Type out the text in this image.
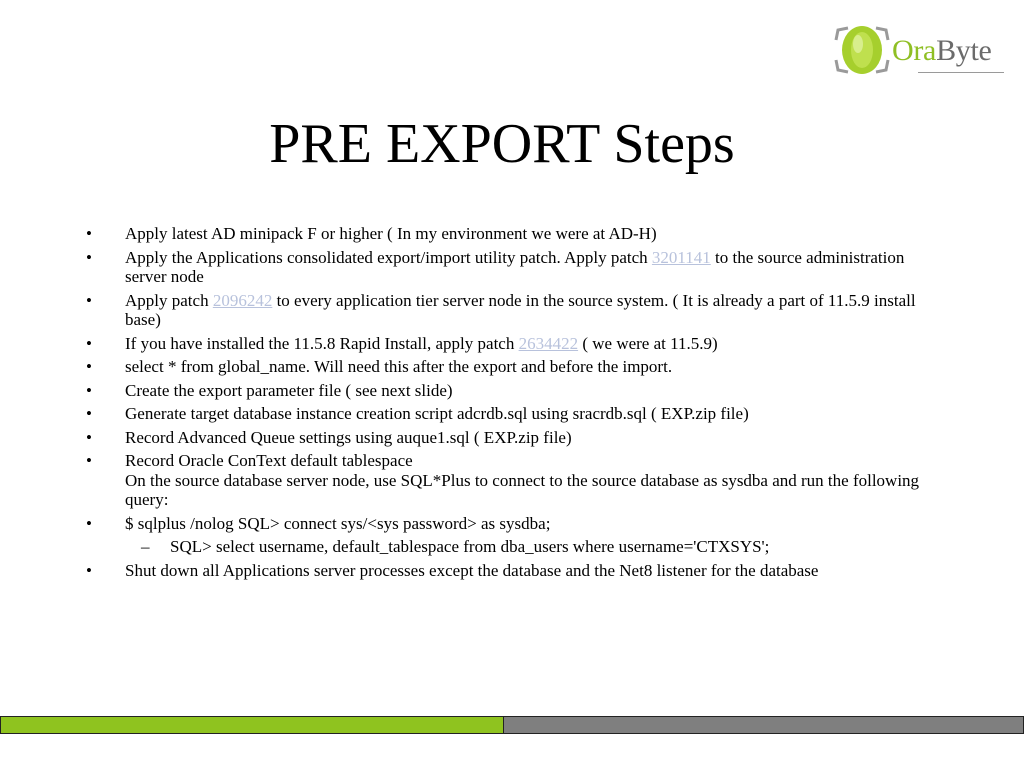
OraByte
PRE EXPORT Steps
• Apply latest AD minipack F or higher ( In my environment we were at AD-H)
• Apply the Applications consolidated export/import utility patch. Apply patch 3201141 to the source administration server node
• Apply patch 2096242 to every application tier server node in the source system. ( It is already a part of 11.5.9 install base)
• If you have installed the 11.5.8 Rapid Install, apply patch 2634422 ( we were at 11.5.9)
• select * from global_name. Will need this after the export and before the import.
• Create the export parameter file ( see next slide)
• Generate target database instance creation script adcrdb.sql using sracrdb.sql ( EXP.zip file)
• Record Advanced Queue settings using auque1.sql ( EXP.zip file)
• Record Oracle ConText default tablespace
On the source database server node, use SQL*Plus to connect to the source database as sysdba and run the following query:
• $ sqlplus /nolog SQL> connect sys/<sys password> as sysdba;
– SQL> select username, default_tablespace from dba_users where username='CTXSYS';
• Shut down all Applications server processes except the database and the Net8 listener for the database
